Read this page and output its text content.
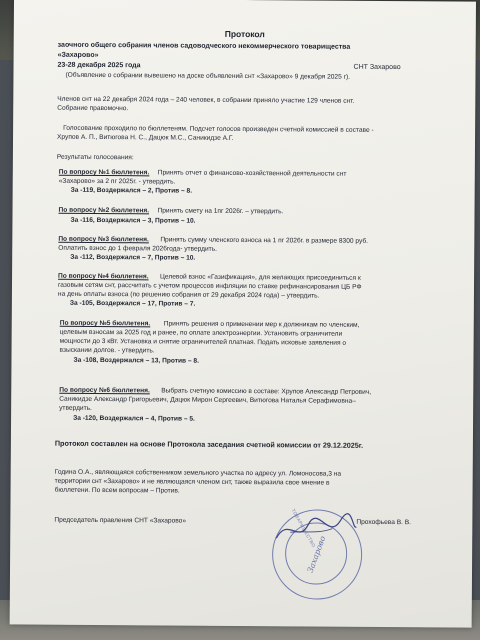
Протокол
заочного общего собрания членов садоводческого некоммерческого товарищества
«Захарово»
23-28 декабря 2025 года	СНТ Захарово
(Объявление о собрании вывешено на доске объявлений снт «Захарово» 9 декабря 2025 г).
Членов снт на 22 декабря 2024 года – 240 человек, в собрании приняло участие 129 членов снт.
Собрание правомочно.
Голосование проходило по бюллетеням. Подсчет голосов произведен счетной комиссией в составе -
Хрупов А. П., Витюгова Н. С., Дацюк М.С., Саникидзе А.Г.
Результаты голосования:
По вопросу №1 бюллетеня. Принять отчет о финансово-хозяйственной деятельности снт
«Захарово» за 2 пг 2025г. - утвердить.
За -119, Воздержался – 2, Против – 8.
По вопросу №2 бюллетеня. Принять смету на 1пг 2026г. – утвердить.
За -116, Воздержался – 3, Против – 10.
По вопросу №3 бюллетеня. Принять сумму членского взноса на 1 пг 2026г. в размере 8300 руб.
Оплатить взнос до 1 февраля 2026года- утвердить.
За -112, Воздержался – 7, Против – 10.
По вопросу №4 бюллетеня. Целевой взнос «Газификация», для желающих присоединиться к
газовым сетям снт, рассчитать с учетом процессов инфляции по ставке рефинансирования ЦБ РФ
на день оплаты взноса (по решению собрания от 29 декабря 2024 года) – утвердить.
За -105, Воздержался – 17, Против – 7.
По вопросу №5 бюллетеня. Принять решения о применении мер к должникам по членским,
целевым взносам за 2025 год и ранее, по оплате электроэнергии. Установить ограничители
мощности до 3 кВт. Установка и снятие ограничителей платная. Подать исковые заявления о
взыскании долгов. - утвердить.
За -108, Воздержался – 13, Против – 8.
По вопросу №6 бюллетеня. Выбрать счетную комиссию в составе: Хрупов Александр Петрович,
Саникидзе Александр Григорьевич, Дацюк Мирон Сергеевич, Витюгова Наталья Серафимовна–
утвердить.
За -120, Воздержался – 4, Против – 5.
Протокол составлен на основе Протокола заседания счетной комиссии от 29.12.2025г.
Година О.А., являющаяся собственником земельного участка по адресу ул. Ломоносова,3 на
территории снт «Захарово» и не являющаяся членом снт, также выразила свое мнение в
бюллетени. По всем вопросам – Против.
Председатель правления СНТ «Захарово»	Прохофьева В. В.
ТОВАРИЩЕСТВО
Захарово
